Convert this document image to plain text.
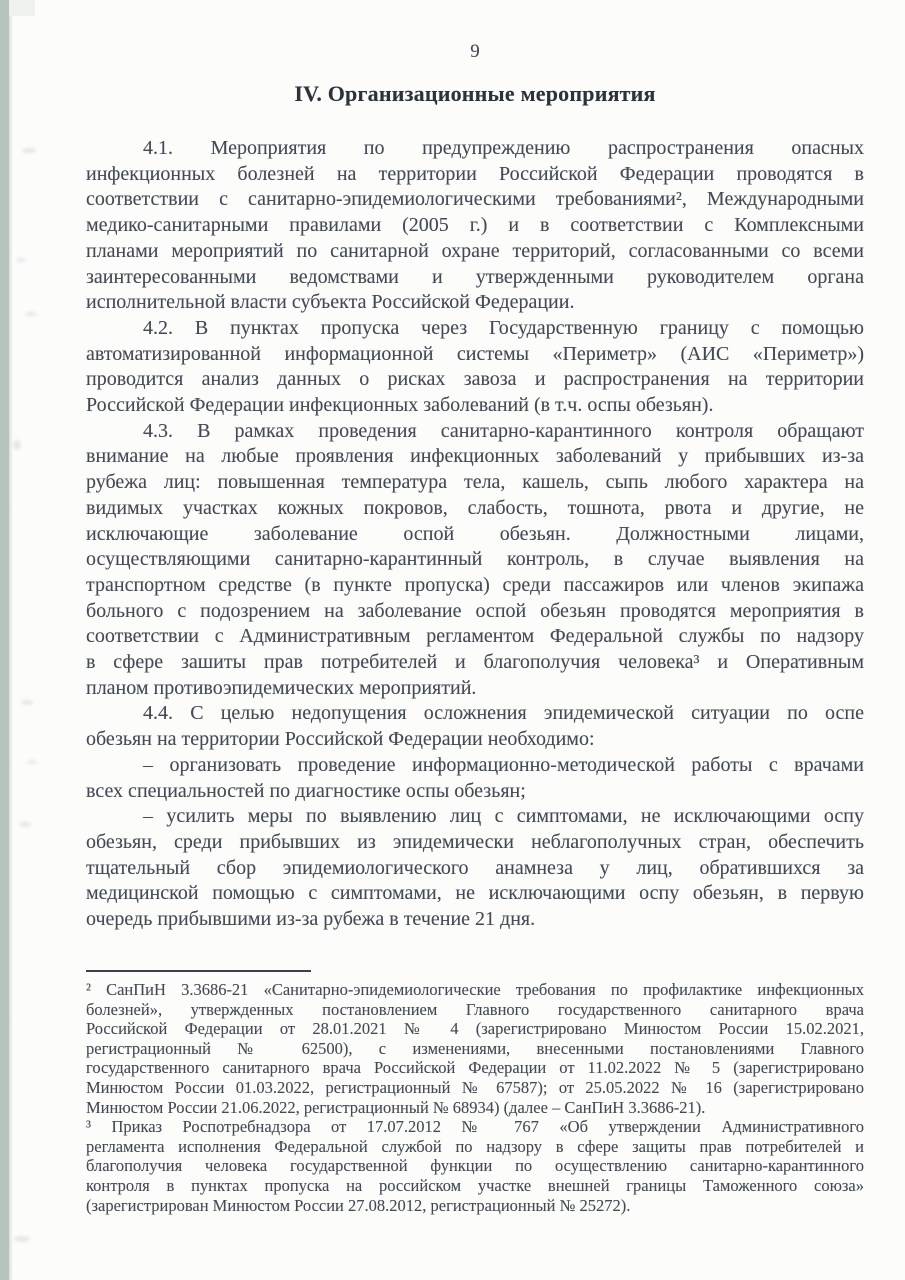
9
IV. Организационные мероприятия
4.1. Мероприятия по предупреждению распространения опасных
инфекционных болезней на территории Российской Федерации проводятся в
соответствии с санитарно-эпидемиологическими требованиями², Международными
медико-санитарными правилами (2005 г.) и в соответствии с Комплексными
планами мероприятий по санитарной охране территорий, согласованными со всеми
заинтересованными ведомствами и утвержденными руководителем органа
исполнительной власти субъекта Российской Федерации.
4.2. В пунктах пропуска через Государственную границу с помощью
автоматизированной информационной системы «Периметр» (АИС «Периметр»)
проводится анализ данных о рисках завоза и распространения на территории
Российской Федерации инфекционных заболеваний (в т.ч. оспы обезьян).
4.3. В рамках проведения санитарно-карантинного контроля обращают
внимание на любые проявления инфекционных заболеваний у прибывших из-за
рубежа лиц: повышенная температура тела, кашель, сыпь любого характера на
видимых участках кожных покровов, слабость, тошнота, рвота и другие, не
исключающие заболевание оспой обезьян. Должностными лицами,
осуществляющими санитарно-карантинный контроль, в случае выявления на
транспортном средстве (в пункте пропуска) среди пассажиров или членов экипажа
больного с подозрением на заболевание оспой обезьян проводятся мероприятия в
соответствии с Административным регламентом Федеральной службы по надзору
в сфере зашиты прав потребителей и благополучия человека³ и Оперативным
планом противоэпидемических мероприятий.
4.4. С целью недопущения осложнения эпидемической ситуации по оспе
обезьян на территории Российской Федерации необходимо:
– организовать проведение информационно-методической работы с врачами
всех специальностей по диагностике оспы обезьян;
– усилить меры по выявлению лиц с симптомами, не исключающими оспу
обезьян, среди прибывших из эпидемически неблагополучных стран, обеспечить
тщательный сбор эпидемиологического анамнеза у лиц, обратившихся за
медицинской помощью с симптомами, не исключающими оспу обезьян, в первую
очередь прибывшими из-за рубежа в течение 21 дня.
² СанПиН 3.3686-21 «Санитарно-эпидемиологические требования по профилактике инфекционных
болезней», утвержденных постановлением Главного государственного санитарного врача
Российской Федерации от 28.01.2021 № 4 (зарегистрировано Минюстом России 15.02.2021,
регистрационный № 62500), с изменениями, внесенными постановлениями Главного
государственного санитарного врача Российской Федерации от 11.02.2022 № 5 (зарегистрировано
Минюстом России 01.03.2022, регистрационный № 67587); от 25.05.2022 № 16 (зарегистрировано
Минюстом России 21.06.2022, регистрационный № 68934) (далее – СанПиН 3.3686-21).
³ Приказ Роспотребнадзора от 17.07.2012 № 767 «Об утверждении Административного
регламента исполнения Федеральной службой по надзору в сфере защиты прав потребителей и
благополучия человека государственной функции по осуществлению санитарно-карантинного
контроля в пунктах пропуска на российском участке внешней границы Таможенного союза»
(зарегистрирован Минюстом России 27.08.2012, регистрационный № 25272).
